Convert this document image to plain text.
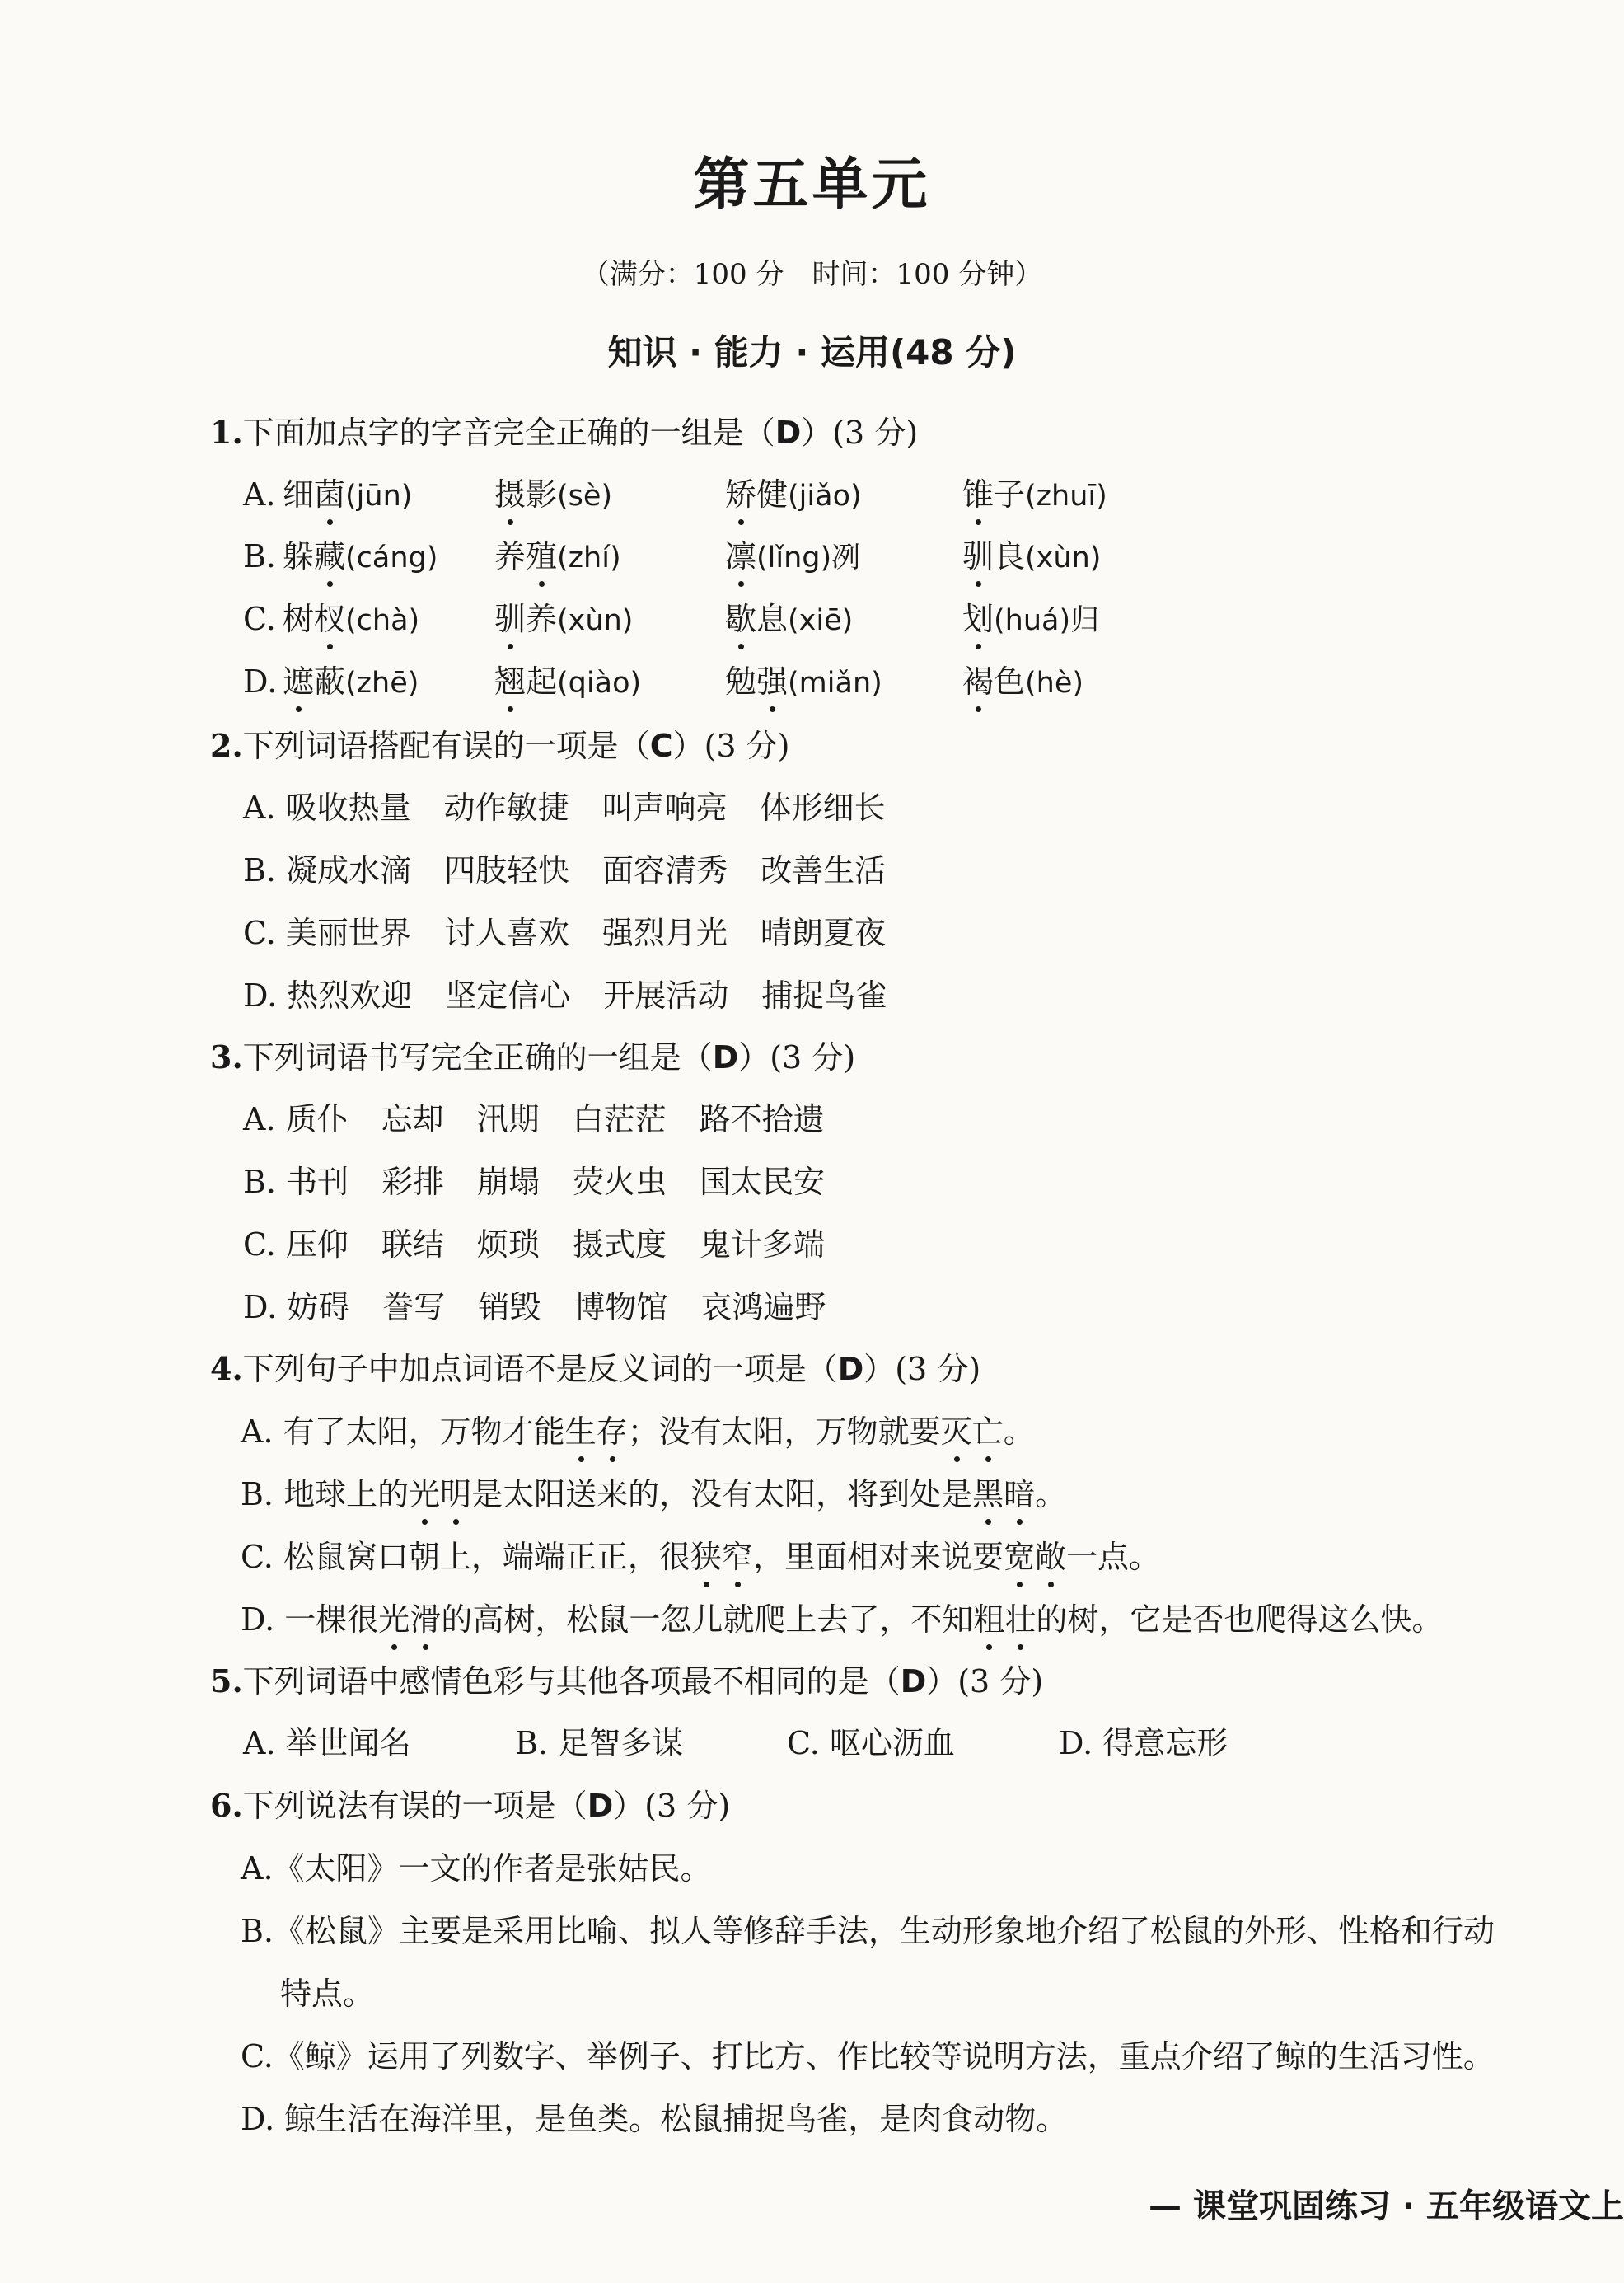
第五单元
（满分：100 分　时间：100 分钟）
知识 · 能力 · 运用(48 分)
1.下面加点字的字音完全正确的一组是（D）(3 分)
A. 细菌(jūn)	摄影(sè)	矫健(jiǎo)	锥子(zhuī)
B. 躲藏(cáng) 养殖(zhí)	凛(lǐng)冽	驯良(xùn)
C. 树杈(chà) 驯养(xùn)	歇息(xiē)	划(huá)归
D. 遮蔽(zhē) 翘起(qiào)	勉强(miǎn)	褐色(hè)
2.下列词语搭配有误的一项是（C）(3 分)
A. 吸收热量 动作敏捷 叫声响亮 体形细长
B. 凝成水滴 四肢轻快 面容清秀 改善生活
C. 美丽世界 讨人喜欢 强烈月光 晴朗夏夜
D. 热烈欢迎 坚定信心 开展活动 捕捉鸟雀
3.下列词语书写完全正确的一组是（D）(3 分)
A. 质仆 忘却 汛期 白茫茫 路不拾遗
B. 书刊 彩排 崩塌 荧火虫 国太民安
C. 压仰 联结 烦琐 摄式度 鬼计多端
D. 妨碍 誊写 销毁 博物馆 哀鸿遍野
4.下列句子中加点词语不是反义词的一项是（D）(3 分)
A. 有了太阳，万物才能生存；没有太阳，万物就要灭亡。
B. 地球上的光明是太阳送来的，没有太阳，将到处是黑暗。
C. 松鼠窝口朝上，端端正正，很狭窄，里面相对来说要宽敞一点。
D. 一棵很光滑的高树，松鼠一忽儿就爬上去了，不知粗壮的树，它是否也爬得这么快。
5.下列词语中感情色彩与其他各项最不相同的是（D）(3 分)
A. 举世闻名	B. 足智多谋	C. 呕心沥血	D. 得意忘形
6.下列说法有误的一项是（D）(3 分)
A.《太阳》一文的作者是张姑民。
B.《松鼠》主要是采用比喻、拟人等修辞手法，生动形象地介绍了松鼠的外形、性格和行动
特点。
C.《鲸》运用了列数字、举例子、打比方、作比较等说明方法，重点介绍了鲸的生活习性。
D. 鲸生活在海洋里，是鱼类。松鼠捕捉鸟雀，是肉食动物。
— 课堂巩固练习 · 五年级语文上
